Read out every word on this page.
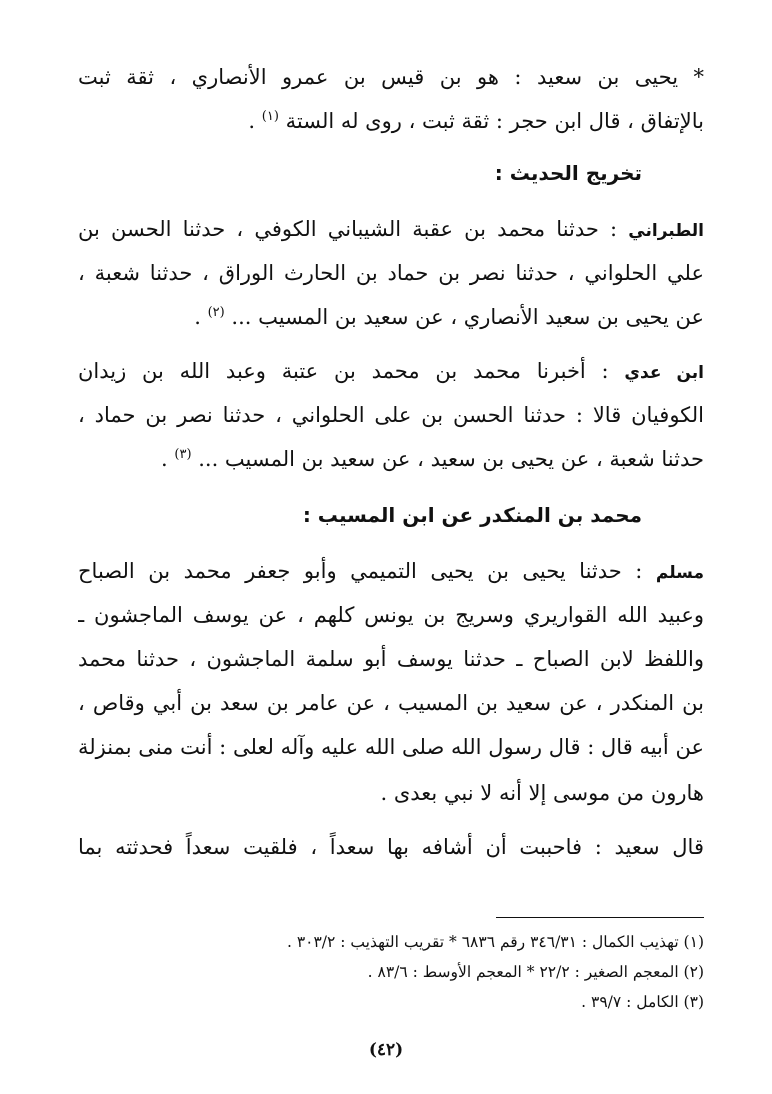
* يحيى بن سعيد : هو بن قيس بن عمرو الأنصاري ، ثقة ثبت
بالإتفاق ، قال ابن حجر : ثقة ثبت ، روى له الستة $^{(١)}$ .
تخريج الحديث :
الطبراني : حدثنا محمد بن عقبة الشيباني الكوفي ، حدثنا الحسن بن
علي الحلواني ، حدثنا نصر بن حماد بن الحارث الوراق ، حدثنا شعبة ،
عن يحيى بن سعيد الأنصاري ، عن سعيد بن المسيب ... $^{(٢)}$ .
ابن عدي : أخبرنا محمد بن محمد بن عتبة وعبد الله بن زيدان
الكوفيان قالا : حدثنا الحسن بن على الحلواني ، حدثنا نصر بن حماد ،
حدثنا شعبة ، عن يحيى بن سعيد ، عن سعيد بن المسيب ... $^{(٣)}$ .
محمد بن المنكدر عن ابن المسيب :
مسلم : حدثنا يحيى بن يحيى التميمي وأبو جعفر محمد بن الصباح
وعبيد الله القواريري وسريج بن يونس كلهم ، عن يوسف الماجشون ـ
واللفظ لابن الصباح ـ حدثنا يوسف أبو سلمة الماجشون ، حدثنا محمد
بن المنكدر ، عن سعيد بن المسيب ، عن عامر بن سعد بن أبي وقاص ،
عن أبيه قال : قال رسول الله صلى الله عليه وآله لعلى : أنت منى بمنزلة
هارون من موسى إلا أنه لا نبي بعدى .
قال سعيد : فاحببت أن أشافه بها سعداً ، فلقيت سعداً فحدثته بما
(١) تهذيب الكمال : ٣٤٦/٣١ رقم ٦٨٣٦ * تقريب التهذيب : ٣٠٣/٢ .
(٢) المعجم الصغير : ٢٢/٢ * المعجم الأوسط : ٨٣/٦ .
(٣) الكامل : ٣٩/٧ .
(٤٢)
